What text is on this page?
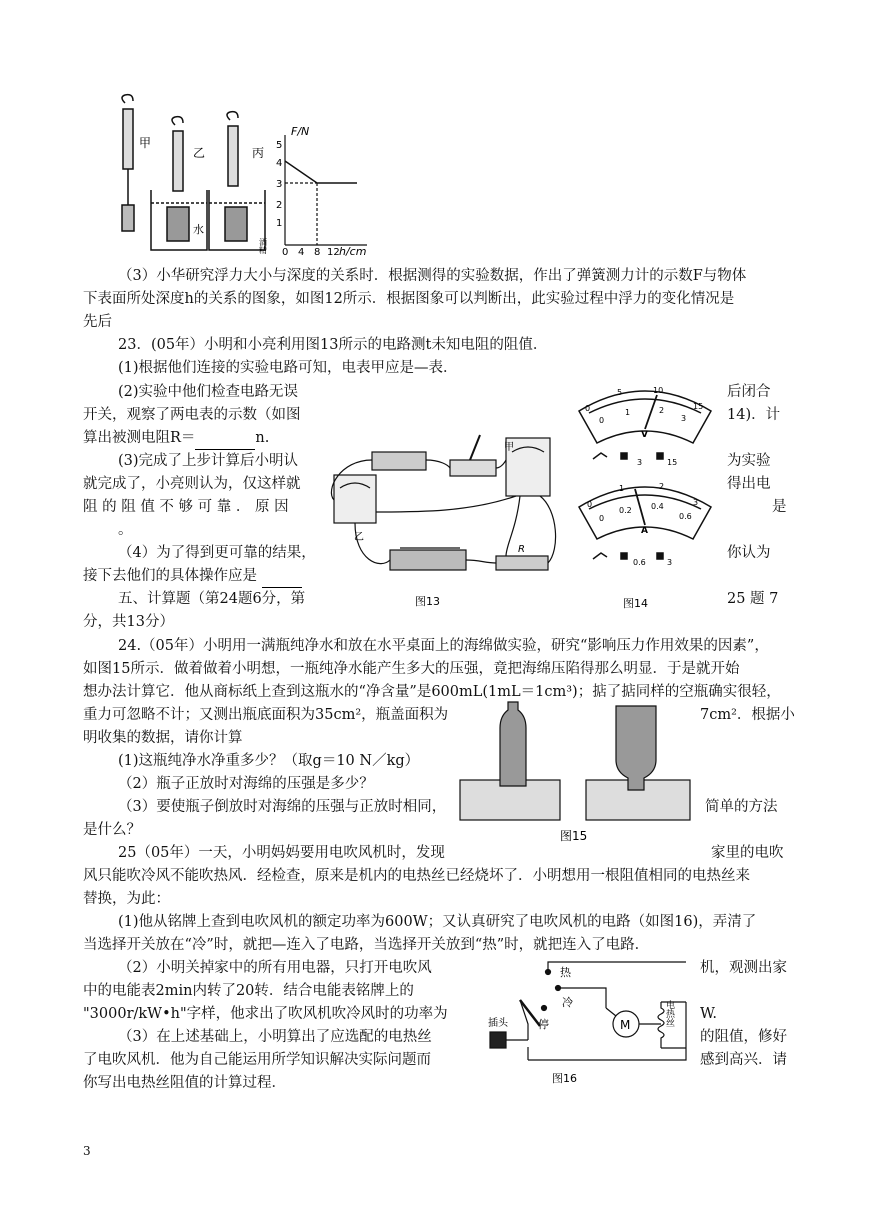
甲
乙	丙
水
酒精
F/N
h/cm
1
2
3
4
5
0 4 8 12
（3）小华研究浮力大小与深度的关系时．根据测得的实验数据，作出了弹簧测力计的示数F与物体
下表面所处深度h的关系的图象，如图12所示．根据图象可以判断出，此实验过程中浮力的变化情况是
先后
23．(05年）小明和小亮利用图13所示的电路测t未知电阻的阻值．
(1)根据他们连接的实验电路可知，电表甲应是—表．
(2)实验中他们检查电路无误
开关，观察了两电表的示数（如图
算出被测电阻R＝	n.
后闭合
14)．计
(3)完成了上步计算后小明认
就完成了，小亮则认为，仅这样就
阻 的 阻 值 不 够 可 靠 ． 原 因
。
为实验
得出电
是
（4）为了得到更可靠的结果，
接下去他们的具体操作应是
你认为
五、计算题（第24题6分，第	25 题 7
分，共13分）
乙
甲
R
图13
0
5	10
15
0
1	2
3
V
3	15
0
1	2
3
0
0.2 0.4
0.6
A
0.6	3
图14
24.（05年）小明用一满瓶纯净水和放在水平桌面上的海绵做实验，研究“影响压力作用效果的因素”，
如图15所示．做着做着小明想，一瓶纯净水能产生多大的压强，竟把海绵压陷得那么明显．于是就开始
想办法计算它．他从商标纸上查到这瓶水的“净含量”是600mL(1mL＝1cm³)；掂了掂同样的空瓶确实很轻，
重力可忽略不计；又测出瓶底面积为35cm²，瓶盖面积为	7cm²．根据小
明收集的数据，请你计算
(1)这瓶纯净水净重多少？（取g＝10 N／kg）
（2）瓶子正放时对海绵的压强是多少？
（3）要使瓶子倒放时对海绵的压强与正放时相同，	简单的方法
是什么？	图15
25（05年）一天，小明妈妈要用电吹风机时，发现	家里的电吹
风只能吹冷风不能吹热风．经检查，原来是机内的电热丝已经烧坏了．小明想用一根阻值相同的电热丝来
替换，为此：
(1)他从铭牌上查到电吹风机的额定功率为600W；又认真研究了电吹风机的电路（如图16)，弄清了
当选择开关放在“冷”时，就把—连入了电路，当选择开关放到“热”时，就把连入了电路．
（2）小明关掉家中的所有用电器，只打开电吹风	机，观测出家
中的电能表2min内转了20转．结合电能表铭牌上的
"3000r/kW•h"字样，他求出了吹风机吹冷风时的功率为	W.
（3）在上述基础上，小明算出了应选配的电热丝	的阻值，修好
了电吹风机．他为自己能运用所学知识解决实际问题而	感到高兴．请
你写出电热丝阻值的计算过程．
热
冷
停
插头	M	电热丝
图16
3
